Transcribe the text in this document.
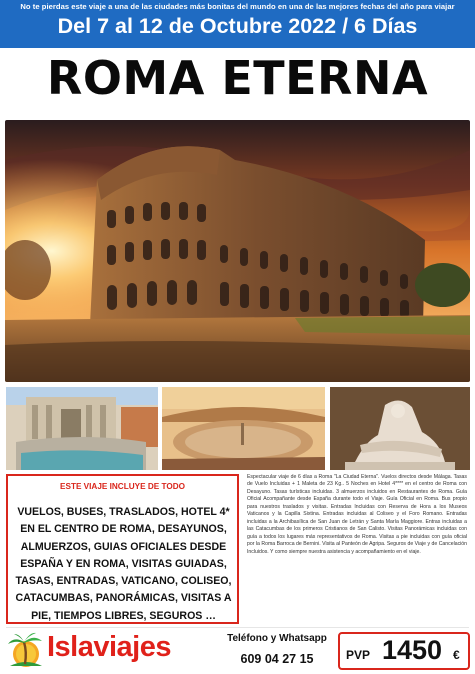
No te pierdas este viaje a una de las ciudades más bonitas del mundo en una de las mejores fechas del año para viajar
Del 7 al 12 de Octubre 2022 / 6 Días
ROMA ETERNA
ESTE VIAJE INCLUYE DE TODO
VUELOS, BUSES, TRASLADOS, HOTEL 4* EN EL CENTRO DE ROMA, DESAYUNOS, ALMUERZOS, GUIAS OFICIALES DESDE ESPAÑA Y EN ROMA, VISITAS GUIADAS, TASAS, ENTRADAS, VATICANO, COLISEO, CATACUMBAS, PANORÁMICAS, VISITAS A PIE, TIEMPOS LIBRES, SEGUROS …
Espectacular viaje de 6 días a Roma "La Ciudad Eterna". Vuelos directos desde Málaga. Tasas de Vuelo Incluidas + 1 Maleta de 23 Kg.. 5 Noches en Hotel 4**** en el centro de Roma con Desayuno. Tasas turísticas incluidas. 3 almuerzos incluidos en Restaurantes de Roma. Guía Oficial Acompañante desde España durante todo el Viaje. Guía Oficial en Roma. Bus propio para nuestros traslados y visitas. Entradas Incluidas con Reserva de Hora a los Museos Vaticanos y la Capilla Sixtina. Entradas incluidas al Coliseo y el Foro Romano. Entradas incluidas a la Archibasílica de San Juan de Letrán y Santa María Maggiore. Entras incluidas a las Catacumbas de los primeros Cristianos de San Calisto. Visitas Panorámicas incluidas con guía a todos los lugares más representativos de Roma. Visitas a pie incluidas con guía oficial por la Roma Barroca de Bernini. Visita al Panteón de Agripa. Seguros de Viaje y de Cancelación Incluidos. Y como siempre nuestra asistencia y acompañamiento en el viaje.
Islaviajes	Teléfono y Whatsapp
609 04 27 15	PVP 1450 €
